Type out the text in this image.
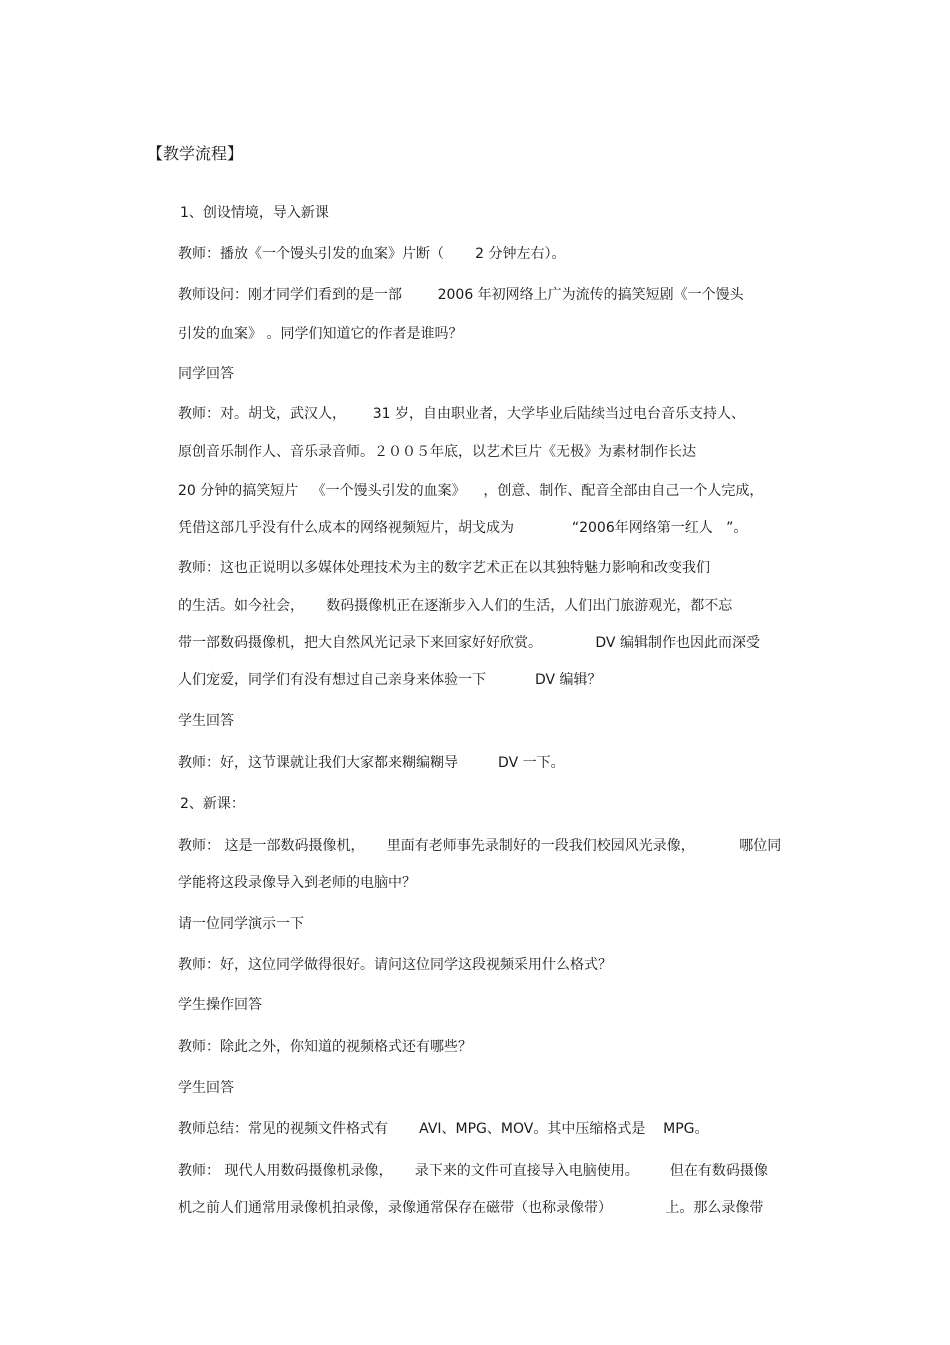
【教学流程】
1、创设情境，导入新课
教师：播放《一个馒头引发的血案》片断（       2 分钟左右）。
教师设问：刚才同学们看到的是一部        2006 年初网络上广为流传的搞笑短剧《一个馒头
引发的血案》 。同学们知道它的作者是谁吗？
同学回答
教师：对。胡戈，武汉人，      31 岁，自由职业者，大学毕业后陆续当过电台音乐支持人、
原创音乐制作人、音乐录音师。２００５年底，以艺术巨片《无极》为素材制作长达
20 分钟的搞笑短片   《一个馒头引发的血案》    ，创意、制作、配音全部由自己一个人完成，
凭借这部几乎没有什么成本的网络视频短片，胡戈成为             “2006年网络第一红人   ”。
教师：这也正说明以多媒体处理技术为主的数字艺术正在以其独特魅力影响和改变我们
的生活。如今社会，     数码摄像机正在逐渐步入人们的生活，人们出门旅游观光，都不忘
带一部数码摄像机，把大自然风光记录下来回家好好欣赏。            DV 编辑制作也因此而深受
人们宠爱，同学们有没有想过自己亲身来体验一下           DV 编辑？
学生回答
教师：好，这节课就让我们大家都来糊编糊导         DV 一下。
2、新课：
教师： 这是一部数码摄像机，     里面有老师事先录制好的一段我们校园风光录像，          哪位同
学能将这段录像导入到老师的电脑中？
请一位同学演示一下
教师：好，这位同学做得很好。请问这位同学这段视频采用什么格式？
学生操作回答
教师：除此之外，你知道的视频格式还有哪些？
学生回答
教师总结：常见的视频文件格式有       AVI、MPG、MOV。其中压缩格式是    MPG。
教师： 现代人用数码摄像机录像，     录下来的文件可直接导入电脑使用。       但在有数码摄像
机之前人们通常用录像机拍录像，录像通常保存在磁带（也称录像带）            上。那么录像带
